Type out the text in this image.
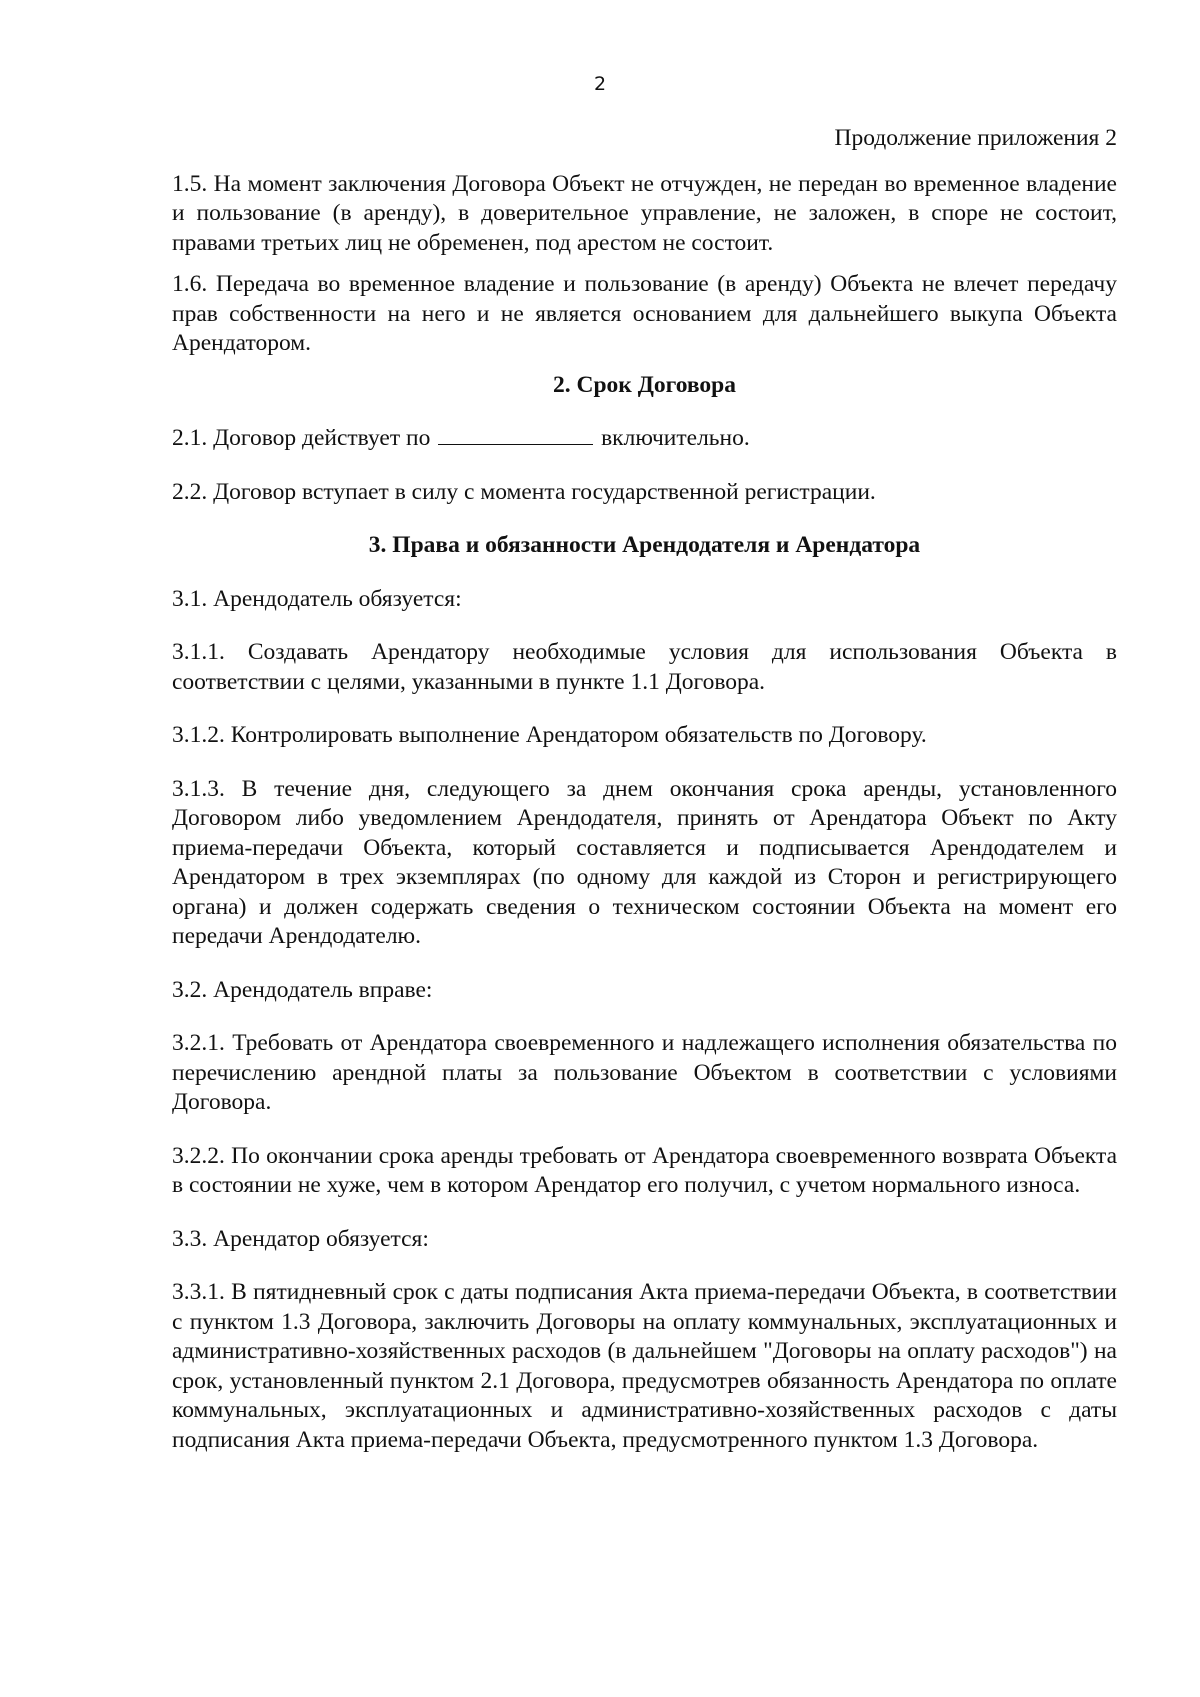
2
Продолжение приложения 2

1.5. На момент заключения Договора Объект не отчужден, не передан во временное владение и пользование (в аренду), в доверительное управление, не заложен, в споре не состоит, правами третьих лиц не обременен, под арестом не состоит.

1.6. Передача во временное владение и пользование (в аренду) Объекта не влечет передачу прав собственности на него и не является основанием для дальнейшего выкупа Объекта Арендатором.

2. Срок Договора

2.1. Договор действует по	включительно.

2.2. Договор вступает в силу с момента государственной регистрации.

3. Права и обязанности Арендодателя и Арендатора

3.1. Арендодатель обязуется:

3.1.1. Создавать Арендатору необходимые условия для использования Объекта в соответствии с целями, указанными в пункте 1.1 Договора.

3.1.2. Контролировать выполнение Арендатором обязательств по Договору.

3.1.3. В течение дня, следующего за днем окончания срока аренды, установленного Договором либо уведомлением Арендодателя, принять от Арендатора Объект по Акту приема-передачи Объекта, который составляется и подписывается Арендодателем и Арендатором в трех экземплярах (по одному для каждой из Сторон и регистрирующего органа) и должен содержать сведения о техническом состоянии Объекта на момент его передачи Арендодателю.

3.2. Арендодатель вправе:

3.2.1. Требовать от Арендатора своевременного и надлежащего исполнения обязательства по перечислению арендной платы за пользование Объектом в соответствии с условиями Договора.

3.2.2. По окончании срока аренды требовать от Арендатора своевременного возврата Объекта в состоянии не хуже, чем в котором Арендатор его получил, с учетом нормального износа.

3.3. Арендатор обязуется:

3.3.1. В пятидневный срок с даты подписания Акта приема-передачи Объекта, в соответствии с пунктом 1.3 Договора, заключить Договоры на оплату коммунальных, эксплуатационных и административно-хозяйственных расходов (в дальнейшем "Договоры на оплату расходов") на срок, установленный пунктом 2.1 Договора, предусмотрев обязанность Арендатора по оплате коммунальных, эксплуатационных и административно-хозяйственных расходов с даты подписания Акта приема-передачи Объекта, предусмотренного пунктом 1.3 Договора.
